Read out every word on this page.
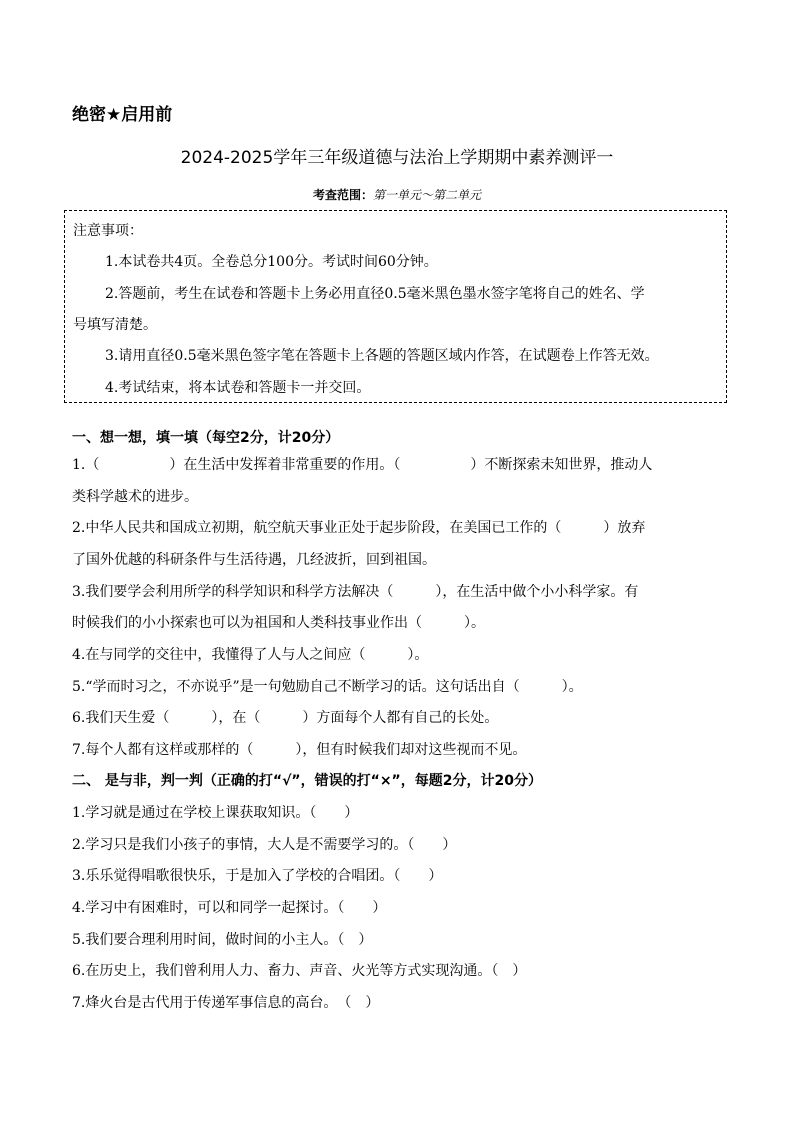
绝密★启用前
2024-2025学年三年级道德与法治上学期期中素养测评一
考查范围：第一单元～第二单元
注意事项：
1.本试卷共4页。全卷总分100分。考试时间60分钟。
2.答题前，考生在试卷和答题卡上务必用直径0.5毫米黑色墨水签字笔将自己的姓名、学
号填写清楚。
3.请用直径0.5毫米黑色签字笔在答题卡上各题的答题区域内作答，在试题卷上作答无效。
4.考试结束，将本试卷和答题卡一并交回。
一、想一想，填一填（每空2分，计20分）
1.（　　　　　）在生活中发挥着非常重要的作用。（　　　　　）不断探索未知世界，推动人
类科学越术的进步。
2.中华人民共和国成立初期，航空航天事业正处于起步阶段，在美国已工作的（　　　）放弃
了国外优越的科研条件与生活待遇，几经波折，回到祖国。
3.我们要学会利用所学的科学知识和科学方法解决（　　　），在生活中做个小小科学家。有
时候我们的小小探索也可以为祖国和人类科技事业作出（　　　）。
4.在与同学的交往中，我懂得了人与人之间应（　　　）。
5.“学而时习之，不亦说乎”是一句勉励自己不断学习的话。这句话出自（　　　）。
6.我们天生爱（　　　），在（　　　）方面每个人都有自己的长处。
7.每个人都有这样或那样的（　　　），但有时候我们却对这些视而不见。
二、 是与非，判一判（正确的打“√”，错误的打“×”，每题2分，计20分）
1.学习就是通过在学校上课获取知识。（　　）
2.学习只是我们小孩子的事情，大人是不需要学习的。（　　）
3.乐乐觉得唱歌很快乐，于是加入了学校的合唱团。（　　）
4.学习中有困难时，可以和同学一起探讨。（　　）
5.我们要合理利用时间，做时间的小主人。（　）
6.在历史上，我们曾利用人力、畜力、声音、火光等方式实现沟通。（　）
7.烽火台是古代用于传递军事信息的高台。　（　）
